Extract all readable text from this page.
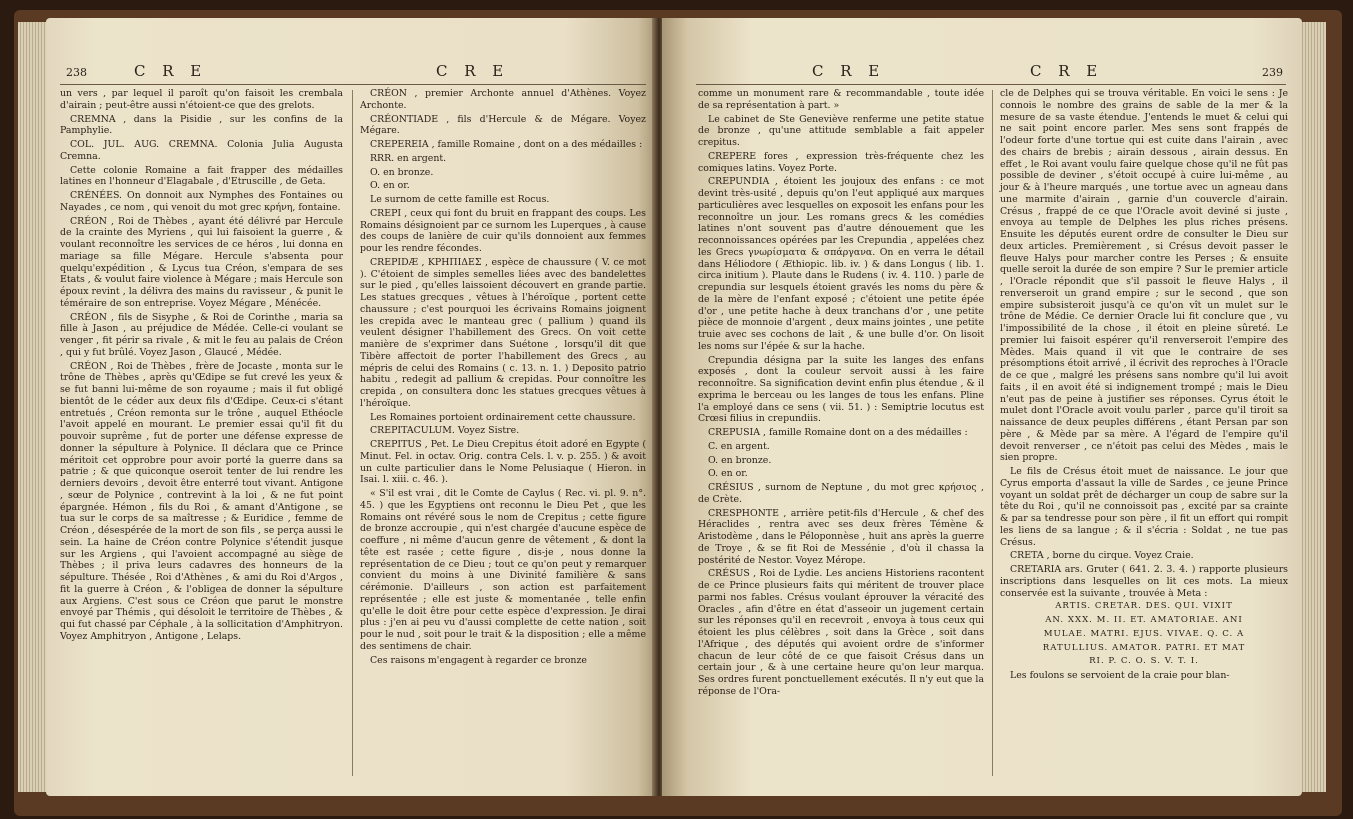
238	C R E	C R E

un vers , par lequel il paroît qu'on faisoit les crembala d'airain ; peut-être aussi n'étoient-ce que des grelots.

CREMNA , dans la Pisidie , sur les confins de la Pamphylie.

COL. JUL. AUG. CREMNA. Colonia Julia Augusta Cremna.

Cette colonie Romaine a fait frapper des médailles latines en l'honneur d'Elagabale , d'Etruscille , de Geta.

CRÉNÉES. On donnoit aux Nymphes des Fontaines ou Nayades , ce nom , qui venoit du mot grec κρήνη, fontaine.

CRÉON , Roi de Thèbes , ayant été délivré par Hercule de la crainte des Myriens , qui lui faisoient la guerre , & voulant reconnoître les services de ce héros , lui donna en mariage sa fille Mégare. Hercule s'absenta pour quelqu'expédition , & Lycus tua Créon, s'empara de ses Etats , & voulut faire violence à Mégare ; mais Hercule son époux revint , la délivra des mains du ravisseur , & punit le téméraire de son entreprise. Voyez Mégare , Ménécée.

CRÉON , fils de Sisyphe , & Roi de Corinthe , maria sa fille à Jason , au préjudice de Médée. Celle-ci voulant se venger , fit périr sa rivale , & mit le feu au palais de Créon , qui y fut brûlé. Voyez Jason , Glaucé , Médée.

CRÉON , Roi de Thèbes , frère de Jocaste , monta sur le trône de Thèbes , après qu'Œdipe se fut crevé les yeux & se fut banni lui-même de son royaume ; mais il fut obligé bientôt de le céder aux deux fils d'Œdipe. Ceux-ci s'étant entretués , Créon remonta sur le trône , auquel Ethéocle l'avoit appelé en mourant. Le premier essai qu'il fit du pouvoir suprême , fut de porter une défense expresse de donner la sépulture à Polynice. Il déclara que ce Prince méritoit cet opprobre pour avoir porté la guerre dans sa patrie ; & que quiconque oseroit tenter de lui rendre les derniers devoirs , devoit être enterré tout vivant. Antigone , sœur de Polynice , contrevint à la loi , & ne fut point épargnée. Hémon , fils du Roi , & amant d'Antigone , se tua sur le corps de sa maîtresse ; & Euridice , femme de Créon , désespérée de la mort de son fils , se perça aussi le sein. La haine de Créon contre Polynice s'étendit jusque sur les Argiens , qui l'avoient accompagné au siège de Thèbes ; il priva leurs cadavres des honneurs de la sépulture. Thésée , Roi d'Athènes , & ami du Roi d'Argos , fit la guerre à Créon , & l'obligea de donner la sépulture aux Argiens. C'est sous ce Créon que parut le monstre envoyé par Thémis , qui désoloit le territoire de Thèbes , & qui fut chassé par Céphale , à la sollicitation d'Amphitryon. Voyez Amphitryon , Antigone , Lelaps.

CRÉON , premier Archonte annuel d'Athènes. Voyez Archonte.

CRÉONTIADE , fils d'Hercule & de Mégare. Voyez Mégare.

CREPEREIA , famille Romaine , dont on a des médailles :

RRR. en argent.

O. en bronze.

O. en or.

Le surnom de cette famille est Rocus.

CREPI , ceux qui font du bruit en frappant des coups. Les Romains désignoient par ce surnom les Luperques , à cause des coups de lanière de cuir qu'ils donnoient aux femmes pour les rendre fécondes.

CREPIDÆ , KPHΠIΔEΣ , espèce de chaussure ( V. ce mot ). C'étoient de simples semelles liées avec des bandelettes sur le pied , qu'elles laissoient découvert en grande partie. Les statues grecques , vêtues à l'héroïque , portent cette chaussure ; c'est pourquoi les écrivains Romains joignent les crepida avec le manteau grec ( pallium ) quand ils veulent désigner l'habillement des Grecs. On voit cette manière de s'exprimer dans Suétone , lorsqu'il dit que Tibère affectoit de porter l'habillement des Grecs , au mépris de celui des Romains ( c. 13. n. 1. ) Deposito patrio habitu , redegit ad pallium & crepidas. Pour connoître les crepida , on consultera donc les statues grecques vêtues à l'héroïque.

Les Romaines portoient ordinairement cette chaussure.

CREPITACULUM. Voyez Sistre.

CREPITUS , Pet. Le Dieu Crepitus étoit adoré en Egypte ( Minut. Fel. in octav. Orig. contra Cels. l. v. p. 255. ) & avoit un culte particulier dans le Nome Pelusiaque ( Hieron. in Isai. l. xiii. c. 46. ).

« S'il est vrai , dit le Comte de Caylus ( Rec. vi. pl. 9. n°. 45. ) que les Egyptiens ont reconnu le Dieu Pet , que les Romains ont révéré sous le nom de Crepitus ; cette figure de bronze accroupie , qui n'est chargée d'aucune espèce de coeffure , ni même d'aucun genre de vêtement , & dont la tête est rasée ; cette figure , dis-je , nous donne la représentation de ce Dieu ; tout ce qu'on peut y remarquer convient du moins à une Divinité familière & sans cérémonie. D'ailleurs , son action est parfaitement représentée ; elle est juste & momentanée , telle enfin qu'elle le doit être pour cette espèce d'expression. Je dirai plus : j'en ai peu vu d'aussi complette de cette nation , soit pour le nud , soit pour le trait & la disposition ; elle a même des sentimens de chair.

Ces raisons m'engagent à regarder ce bronze

C R E	C R E	239

comme un monument rare & recommandable , toute idée de sa représentation à part. »

Le cabinet de Ste Geneviève renferme une petite statue de bronze , qu'une attitude semblable a fait appeler crepitus.

CREPERE fores , expression très-fréquente chez les comiques latins. Voyez Porte.

CREPUNDIA , étoient les joujoux des enfans : ce mot devint très-usité , depuis qu'on l'eut appliqué aux marques particulières avec lesquelles on exposoit les enfans pour les reconnoître un jour. Les romans grecs & les comédies latines n'ont souvent pas d'autre dénouement que les reconnoissances opérées par les Crepundia , appelées chez les Grecs γνωρίσματα & σπάργανα. On en verra le détail dans Héliodore ( Æthiopic. lib. iv. ) & dans Longus ( lib. 1. circa initium ). Plaute dans le Rudens ( iv. 4. 110. ) parle de crepundia sur lesquels étoient gravés les noms du père & de la mère de l'enfant exposé ; c'étoient une petite épée d'or , une petite hache à deux tranchans d'or , une petite pièce de monnoie d'argent , deux mains jointes , une petite truie avec ses cochons de lait , & une bulle d'or. On lisoit les noms sur l'épée & sur la hache.

Crepundia désigna par la suite les langes des enfans exposés , dont la couleur servoit aussi à les faire reconnoître. Sa signification devint enfin plus étendue , & il exprima le berceau ou les langes de tous les enfans. Pline l'a employé dans ce sens ( vii. 51. ) : Semiptrie locutus est Crœsi filius in crepundiis.

CREPUSIA , famille Romaine dont on a des médailles :

C. en argent.

O. en bronze.

O. en or.

CRÉSIUS , surnom de Neptune , du mot grec κρήσιος , de Crète.

CRESPHONTE , arrière petit-fils d'Hercule , & chef des Héraclides , rentra avec ses deux frères Témène & Aristodème , dans le Péloponnèse , huit ans après la guerre de Troye , & se fit Roi de Messénie , d'où il chassa la postérité de Nestor. Voyez Mérope.

CRÉSUS , Roi de Lydie. Les anciens Historiens racontent de ce Prince plusieurs faits qui méritent de trouver place parmi nos fables. Crésus voulant éprouver la véracité des Oracles , afin d'être en état d'asseoir un jugement certain sur les réponses qu'il en recevroit , envoya à tous ceux qui étoient les plus célèbres , soit dans la Grèce , soit dans l'Afrique , des députés qui avoient ordre de s'informer chacun de leur côté de ce que faisoit Crésus dans un certain jour , & à une certaine heure qu'on leur marqua. Ses ordres furent ponctuellement exécutés. Il n'y eut que la réponse de l'Ora-

cle de Delphes qui se trouva véritable. En voici le sens : Je connois le nombre des grains de sable de la mer & la mesure de sa vaste étendue. J'entends le muet & celui qui ne sait point encore parler. Mes sens sont frappés de l'odeur forte d'une tortue qui est cuite dans l'airain , avec des chairs de brebis ; airain dessous , airain dessus. En effet , le Roi avant voulu faire quelque chose qu'il ne fût pas possible de deviner , s'étoit occupé à cuire lui-même , au jour & à l'heure marqués , une tortue avec un agneau dans une marmite d'airain , garnie d'un couvercle d'airain. Crésus , frappé de ce que l'Oracle avoit deviné si juste , envoya au temple de Delphes les plus riches présens. Ensuite les députés eurent ordre de consulter le Dieu sur deux articles. Premièrement , si Crésus devoit passer le fleuve Halys pour marcher contre les Perses ; & ensuite quelle seroit la durée de son empire ? Sur le premier article , l'Oracle répondit que s'il passoit le fleuve Halys , il renverseroit un grand empire ; sur le second , que son empire subsisteroit jusqu'à ce qu'on vît un mulet sur le trône de Médie. Ce dernier Oracle lui fit conclure que , vu l'impossibilité de la chose , il étoit en pleine sûreté. Le premier lui faisoit espérer qu'il renverseroit l'empire des Mèdes. Mais quand il vit que le contraire de ses présomptions étoit arrivé , il écrivit des reproches à l'Oracle de ce que , malgré les présens sans nombre qu'il lui avoit faits , il en avoit été si indignement trompé ; mais le Dieu n'eut pas de peine à justifier ses réponses. Cyrus étoit le mulet dont l'Oracle avoit voulu parler , parce qu'il tiroit sa naissance de deux peuples différens , étant Persan par son père , & Mède par sa mère. A l'égard de l'empire qu'il devoit renverser , ce n'étoit pas celui des Mèdes , mais le sien propre.

Le fils de Crésus étoit muet de naissance. Le jour que Cyrus emporta d'assaut la ville de Sardes , ce jeune Prince voyant un soldat prêt de décharger un coup de sabre sur la tête du Roi , qu'il ne connoissoit pas , excité par sa crainte & par sa tendresse pour son père , il fit un effort qui rompit les liens de sa langue ; & il s'écria : Soldat , ne tue pas Crésus.

CRETA , borne du cirque. Voyez Craie.

CRETARIA ars. Gruter ( 641. 2. 3. 4. ) rapporte plusieurs inscriptions dans lesquelles on lit ces mots. La mieux conservée est la suivante , trouvée à Meta :

ARTIS. CRETAR. DES. QUI. VIXIT

AN. XXX. M. II. ET. AMATORIAE. ANI

MULAE. MATRI. EJUS. VIVAE. Q. C. A

RATULLIUS. AMATOR. PATRI. ET MAT

RI. P. C. O. S. V. T. I.

Les foulons se servoient de la craie pour blan-
